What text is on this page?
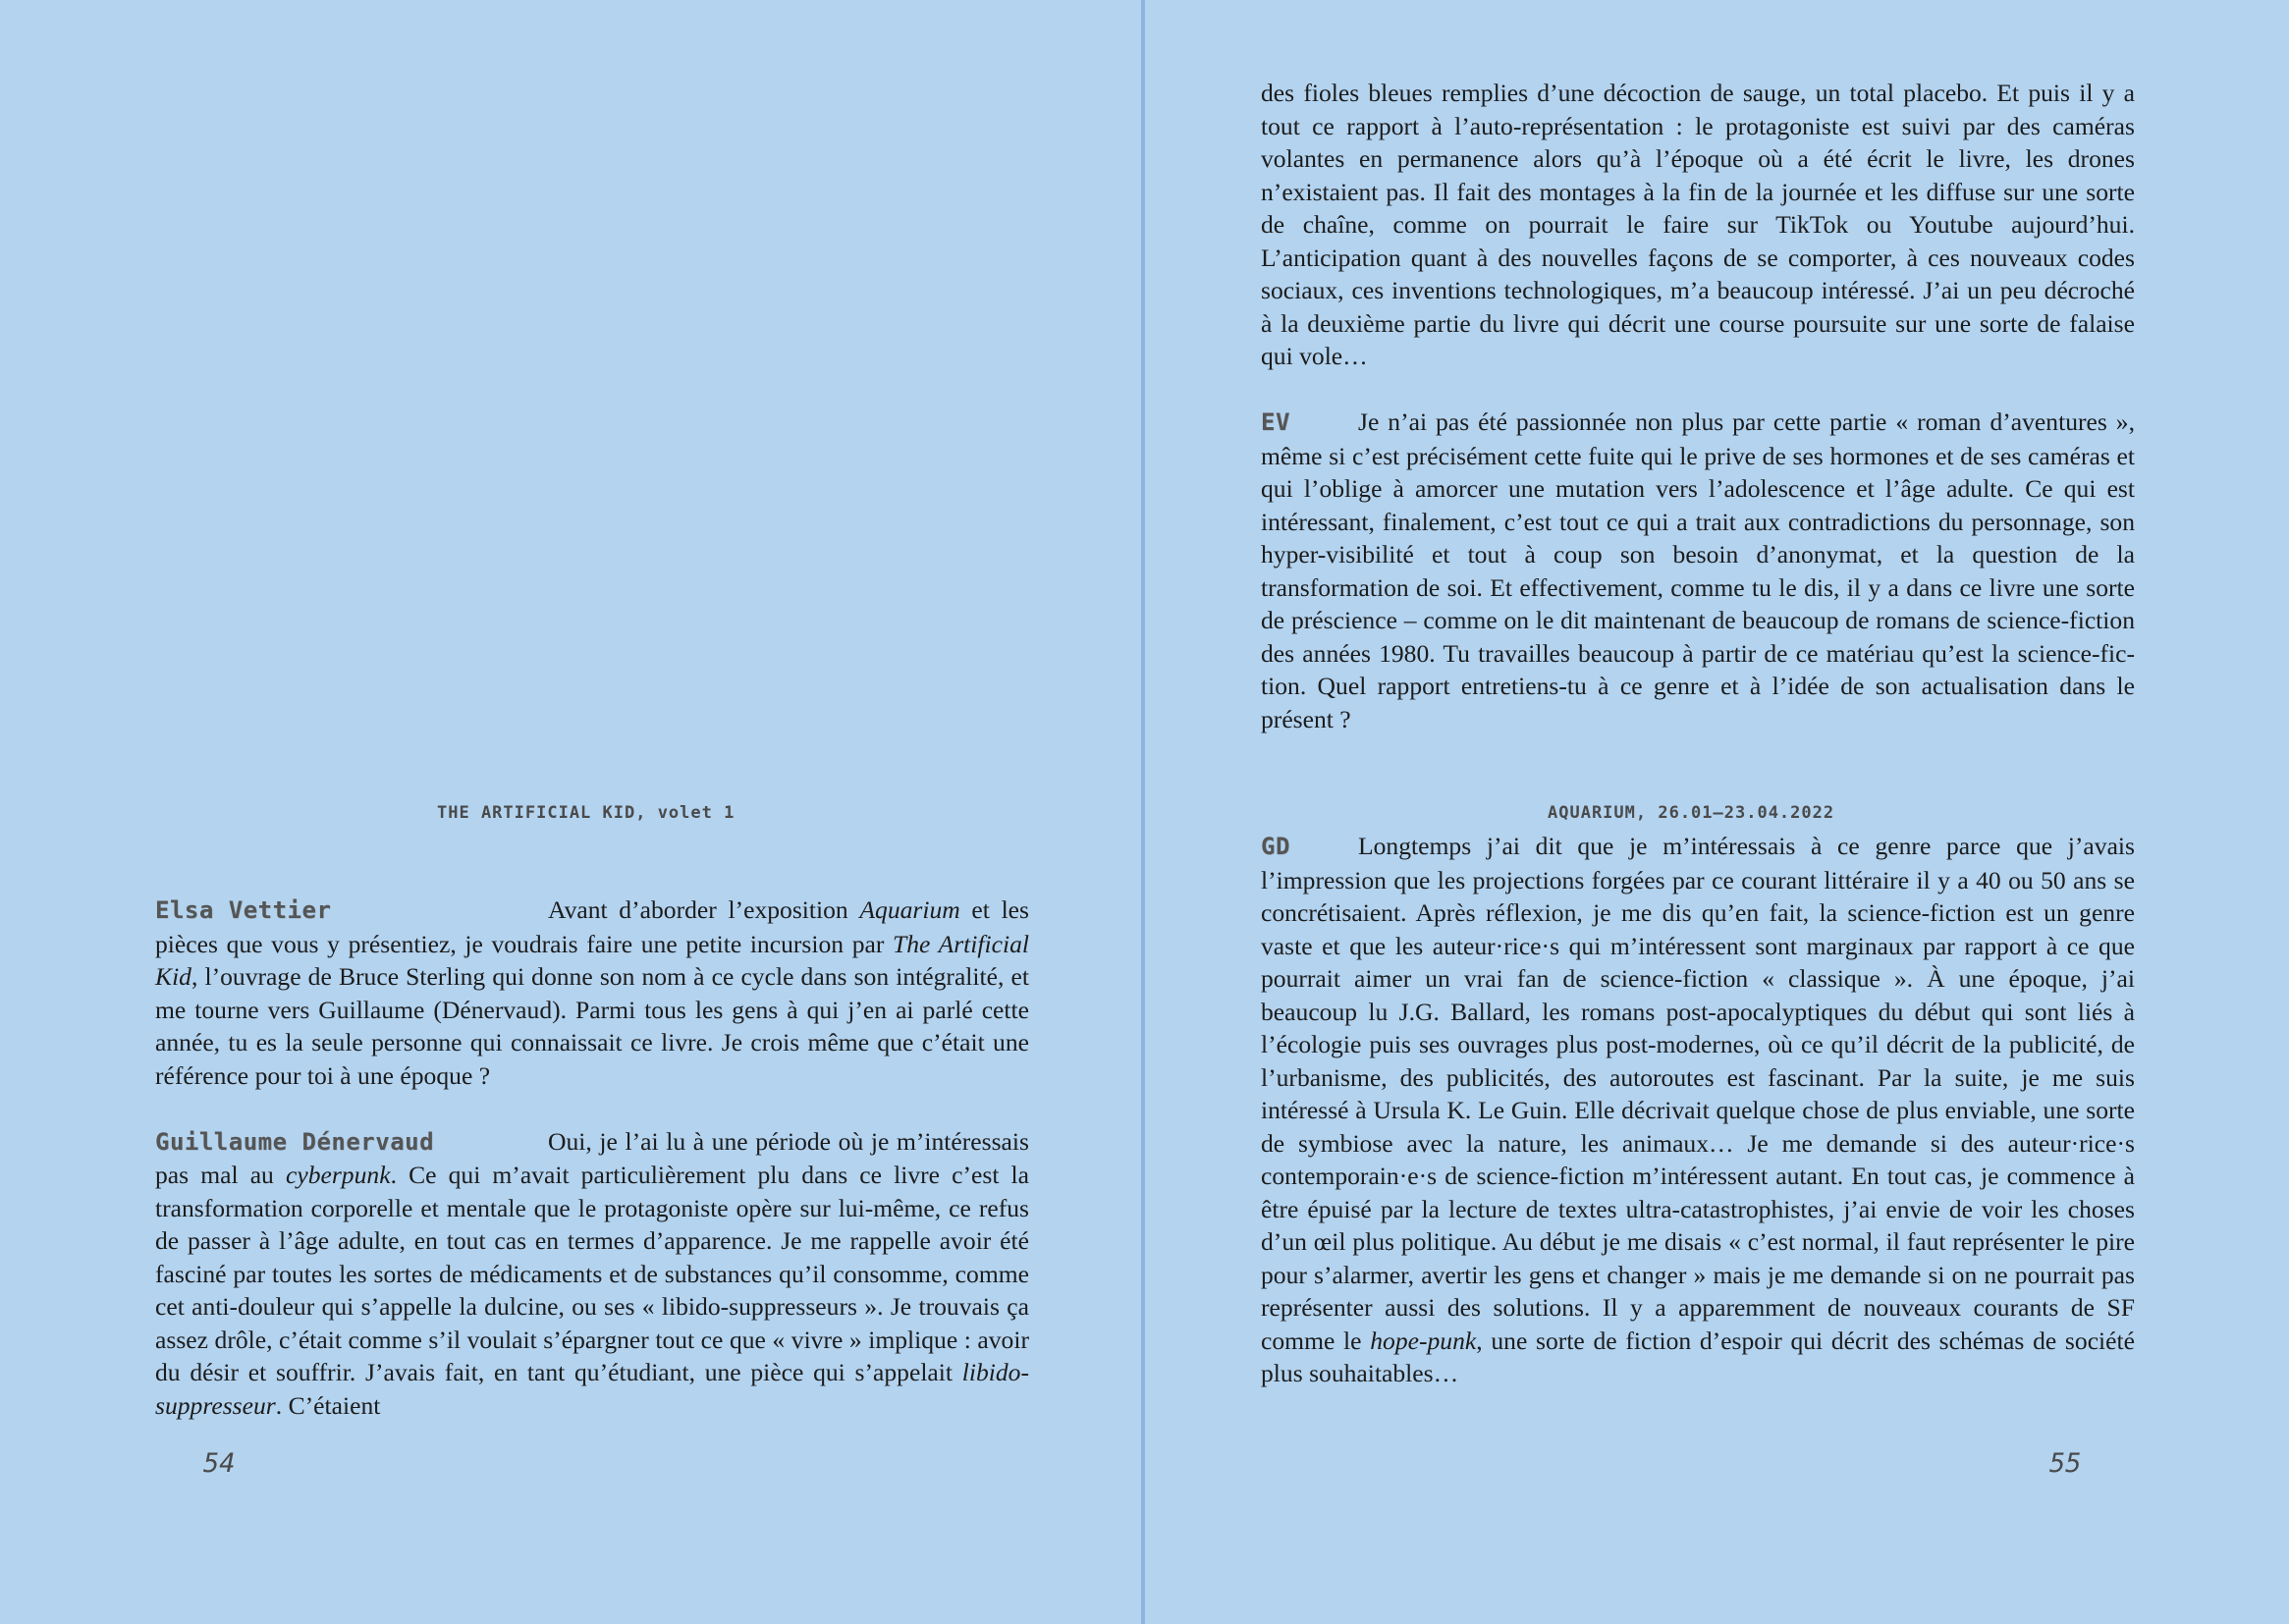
THE ARTIFICIAL KID, volet 1

Elsa Vettier	Avant d’aborder l’exposition Aquarium et les pièces que vous y présentiez, je voudrais faire une petite incursion par The Artificial Kid, l’ouvrage de Bruce Sterling qui donne son nom à ce cycle dans son intégralité, et me tourne vers Guillaume (Dénervaud). Parmi tous les gens à qui j’en ai parlé cette année, tu es la seule personne qui connaissait ce livre. Je crois même que c’était une référence pour toi à une époque ?

Guillaume Dénervaud	Oui, je l’ai lu à une période où je m’intéressais pas mal au cyberpunk. Ce qui m’avait particulièrement plu dans ce livre c’est la transformation corporelle et mentale que le protagoniste opère sur lui-même, ce refus de passer à l’âge adulte, en tout cas en termes d’apparence. Je me rappelle avoir été fasciné par toutes les sortes de médicaments et de substances qu’il consomme, comme cet anti-douleur qui s’appelle la dulcine, ou ses « libido-suppresseurs ». Je trouvais ça assez drôle, c’était comme s’il voulait s’épargner tout ce que « vivre » implique : avoir du désir et souffrir. J’avais fait, en tant qu’étudiant, une pièce qui s’appelait libido-suppresseur. C’étaient

54

des fioles bleues remplies d’une décoction de sauge, un total placebo. Et puis il y a tout ce rapport à l’auto-représentation : le protagoniste est suivi par des caméras volantes en permanence alors qu’à l’époque où a été écrit le livre, les drones n’existaient pas. Il fait des montages à la fin de la journée et les diffuse sur une sorte de chaîne, comme on pourrait le faire sur TikTok ou Youtube aujourd’hui. L’anticipation quant à des nouvelles façons de se comporter, à ces nouveaux codes sociaux, ces inventions technologiques, m’a beaucoup intéressé. J’ai un peu décroché à la deuxième partie du livre qui décrit une course poursuite sur une sorte de falaise qui vole…

EV	Je n’ai pas été passionnée non plus par cette partie « roman d’aventures », même si c’est précisément cette fuite qui le prive de ses hormones et de ses caméras et qui l’oblige à amorcer une mutation vers l’adolescence et l’âge adulte. Ce qui est intéressant, finalement, c’est tout ce qui a trait aux contradictions du personnage, son hyper-visibilité et tout à coup son besoin d’anonymat, et la question de la transformation de soi. Et effectivement, comme tu le dis, il y a dans ce livre une sorte de préscience – comme on le dit maintenant de beaucoup de romans de science-fiction des années 1980. Tu travailles beaucoup à partir de ce matériau qu’est la science-fiction. Quel rapport entretiens-tu à ce genre et à l’idée de son actualisation dans le présent ?

AQUARIUM, 26.01–23.04.2022

GD	Longtemps j’ai dit que je m’intéressais à ce genre parce que j’avais l’impression que les projections forgées par ce courant littéraire il y a 40 ou 50 ans se concrétisaient. Après réflexion, je me dis qu’en fait, la science-fiction est un genre vaste et que les auteur·rice·s qui m’intéressent sont marginaux par rapport à ce que pourrait aimer un vrai fan de science-fiction « classique ». À une époque, j’ai beaucoup lu J.G. Ballard, les romans post-apocalyptiques du début qui sont liés à l’écologie puis ses ouvrages plus post-modernes, où ce qu’il décrit de la publicité, de l’urbanisme, des publicités, des autoroutes est fascinant. Par la suite, je me suis intéressé à Ursula K. Le Guin. Elle décrivait quelque chose de plus enviable, une sorte de symbiose avec la nature, les animaux… Je me demande si des auteur·rice·s contemporain·e·s de science-fiction m’intéressent autant. En tout cas, je commence à être épuisé par la lecture de textes ultra-catastrophistes, j’ai envie de voir les choses d’un œil plus politique. Au début je me disais « c’est normal, il faut représenter le pire pour s’alarmer, avertir les gens et changer » mais je me demande si on ne pourrait pas représenter aussi des solutions. Il y a apparemment de nouveaux courants de SF comme le hope-punk, une sorte de fiction d’espoir qui décrit des schémas de société plus souhaitables…

55
